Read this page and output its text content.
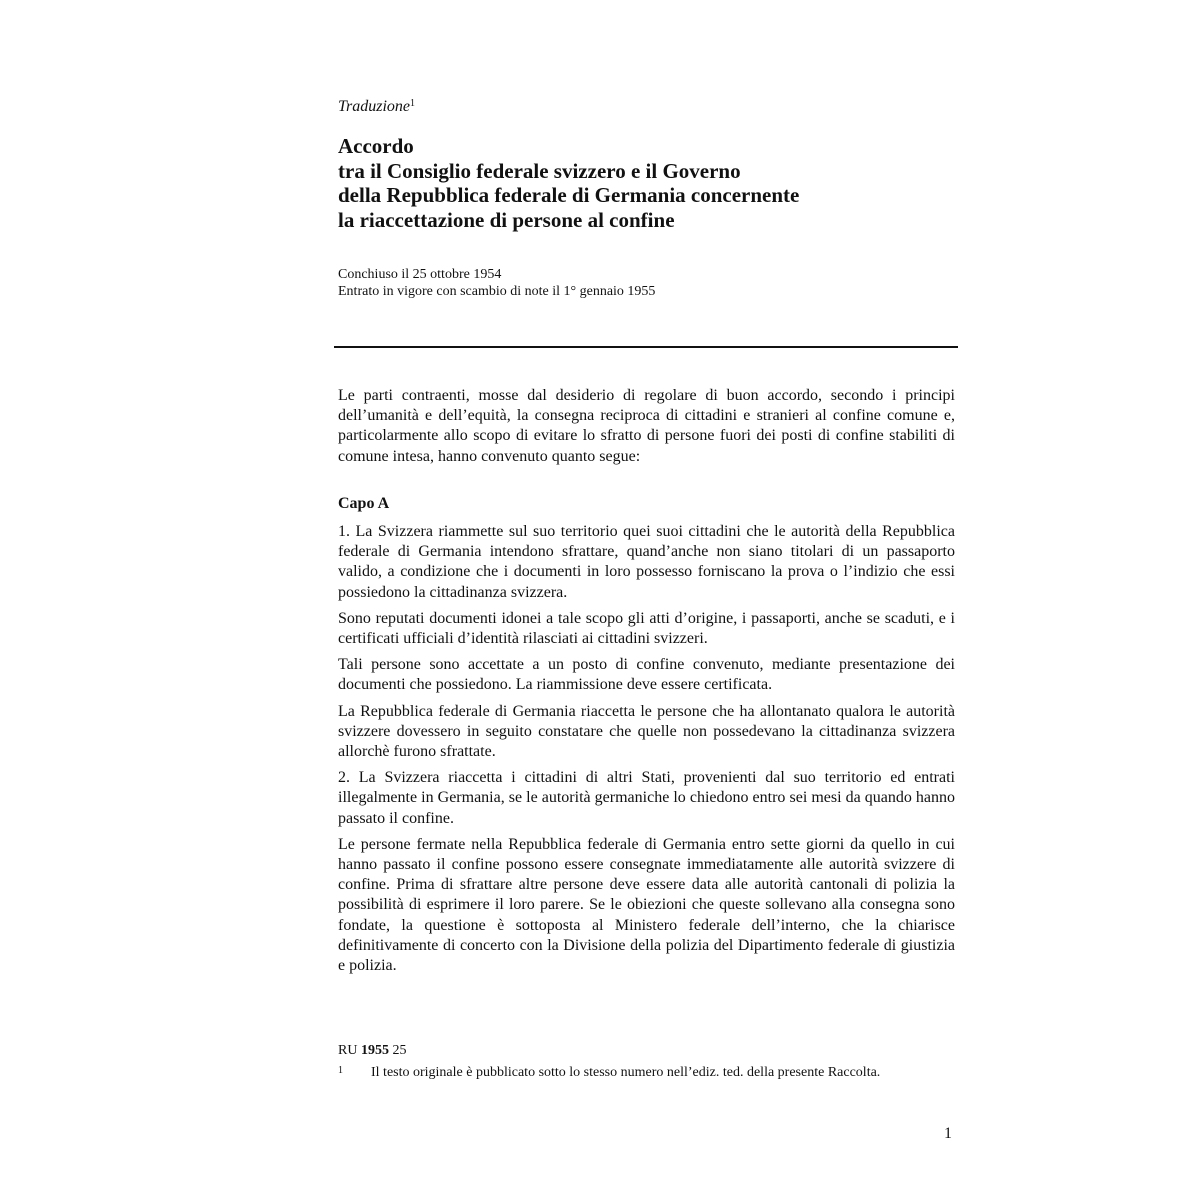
Traduzione$^1$
Accordo
tra il Consiglio federale svizzero e il Governo
della Repubblica federale di Germania concernente
la riaccettazione di persone al confine
Conchiuso il 25 ottobre 1954
Entrato in vigore con scambio di note il 1° gennaio 1955

Le parti contraenti, mosse dal desiderio di regolare di buon accordo, secondo i principi dell’umanità e dell’equità, la consegna reciproca di cittadini e stranieri al confine comune e, particolarmente allo scopo di evitare lo sfratto di persone fuori dei posti di confine stabiliti di comune intesa, hanno convenuto quanto segue:

Capo A

1. La Svizzera riammette sul suo territorio quei suoi cittadini che le autorità della Repubblica federale di Germania intendono sfrattare, quand’anche non siano titolari di un passaporto valido, a condizione che i documenti in loro possesso forniscano la prova o l’indizio che essi possiedono la cittadinanza svizzera.

Sono reputati documenti idonei a tale scopo gli atti d’origine, i passaporti, anche se scaduti, e i certificati ufficiali d’identità rilasciati ai cittadini svizzeri.

Tali persone sono accettate a un posto di confine convenuto, mediante presentazione dei documenti che possiedono. La riammissione deve essere certificata.

La Repubblica federale di Germania riaccetta le persone che ha allontanato qualora le autorità svizzere dovessero in seguito constatare che quelle non possedevano la cittadinanza svizzera allorchè furono sfrattate.

2. La Svizzera riaccetta i cittadini di altri Stati, provenienti dal suo territorio ed entrati illegalmente in Germania, se le autorità germaniche lo chiedono entro sei mesi da quando hanno passato il confine.

Le persone fermate nella Repubblica federale di Germania entro sette giorni da quello in cui hanno passato il confine possono essere consegnate immediatamente alle autorità svizzere di confine. Prima di sfrattare altre persone deve essere data alle autorità cantonali di polizia la possibilità di esprimere il loro parere. Se le obiezioni che queste sollevano alla consegna sono fondate, la questione è sottoposta al Ministero federale dell’interno, che la chiarisce definitivamente di concerto con la Divisione della polizia del Dipartimento federale di giustizia e polizia.

RU 1955 25
1 Il testo originale è pubblicato sotto lo stesso numero nell’ediz. ted. della presente Raccolta.
1
